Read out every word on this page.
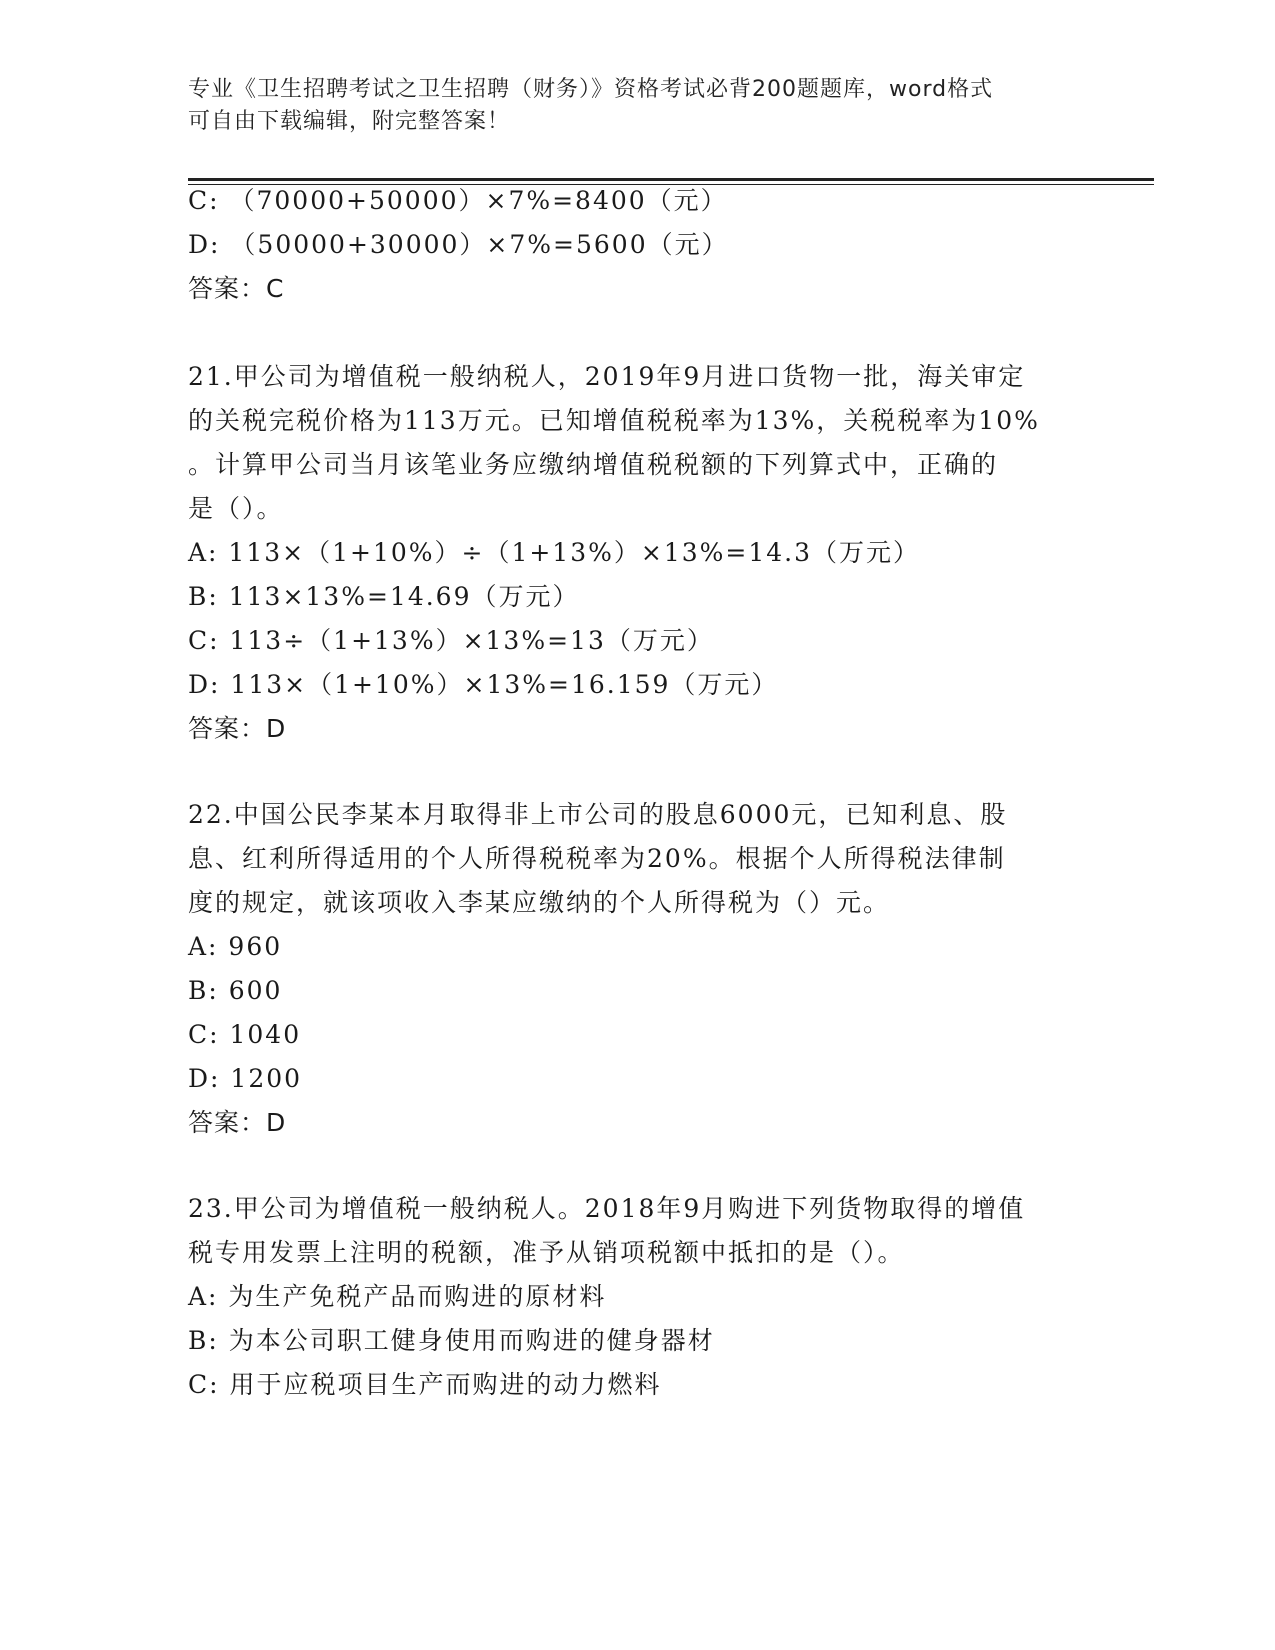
专业《卫生招聘考试之卫生招聘（财务）》资格考试必背200题题库，word格式
可自由下载编辑，附完整答案！
C: （70000+50000）×7%=8400（元）
D: （50000+30000）×7%=5600（元）
答案：C
21.甲公司为增值税一般纳税人，2019年9月进口货物一批，海关审定
的关税完税价格为113万元。已知增值税税率为13%，关税税率为10%
。计算甲公司当月该笔业务应缴纳增值税税额的下列算式中，正确的
是（）。
A: 113×（1+10%）÷（1+13%）×13%=14.3（万元）
B: 113×13%=14.69（万元）
C: 113÷（1+13%）×13%=13（万元）
D: 113×（1+10%）×13%=16.159（万元）
答案：D
22.中国公民李某本月取得非上市公司的股息6000元，已知利息、股
息、红利所得适用的个人所得税税率为20%。根据个人所得税法律制
度的规定，就该项收入李某应缴纳的个人所得税为（）元。
A: 960
B: 600
C: 1040
D: 1200
答案：D
23.甲公司为增值税一般纳税人。2018年9月购进下列货物取得的增值
税专用发票上注明的税额，准予从销项税额中抵扣的是（）。
A: 为生产免税产品而购进的原材料
B: 为本公司职工健身使用而购进的健身器材
C: 用于应税项目生产而购进的动力燃料
